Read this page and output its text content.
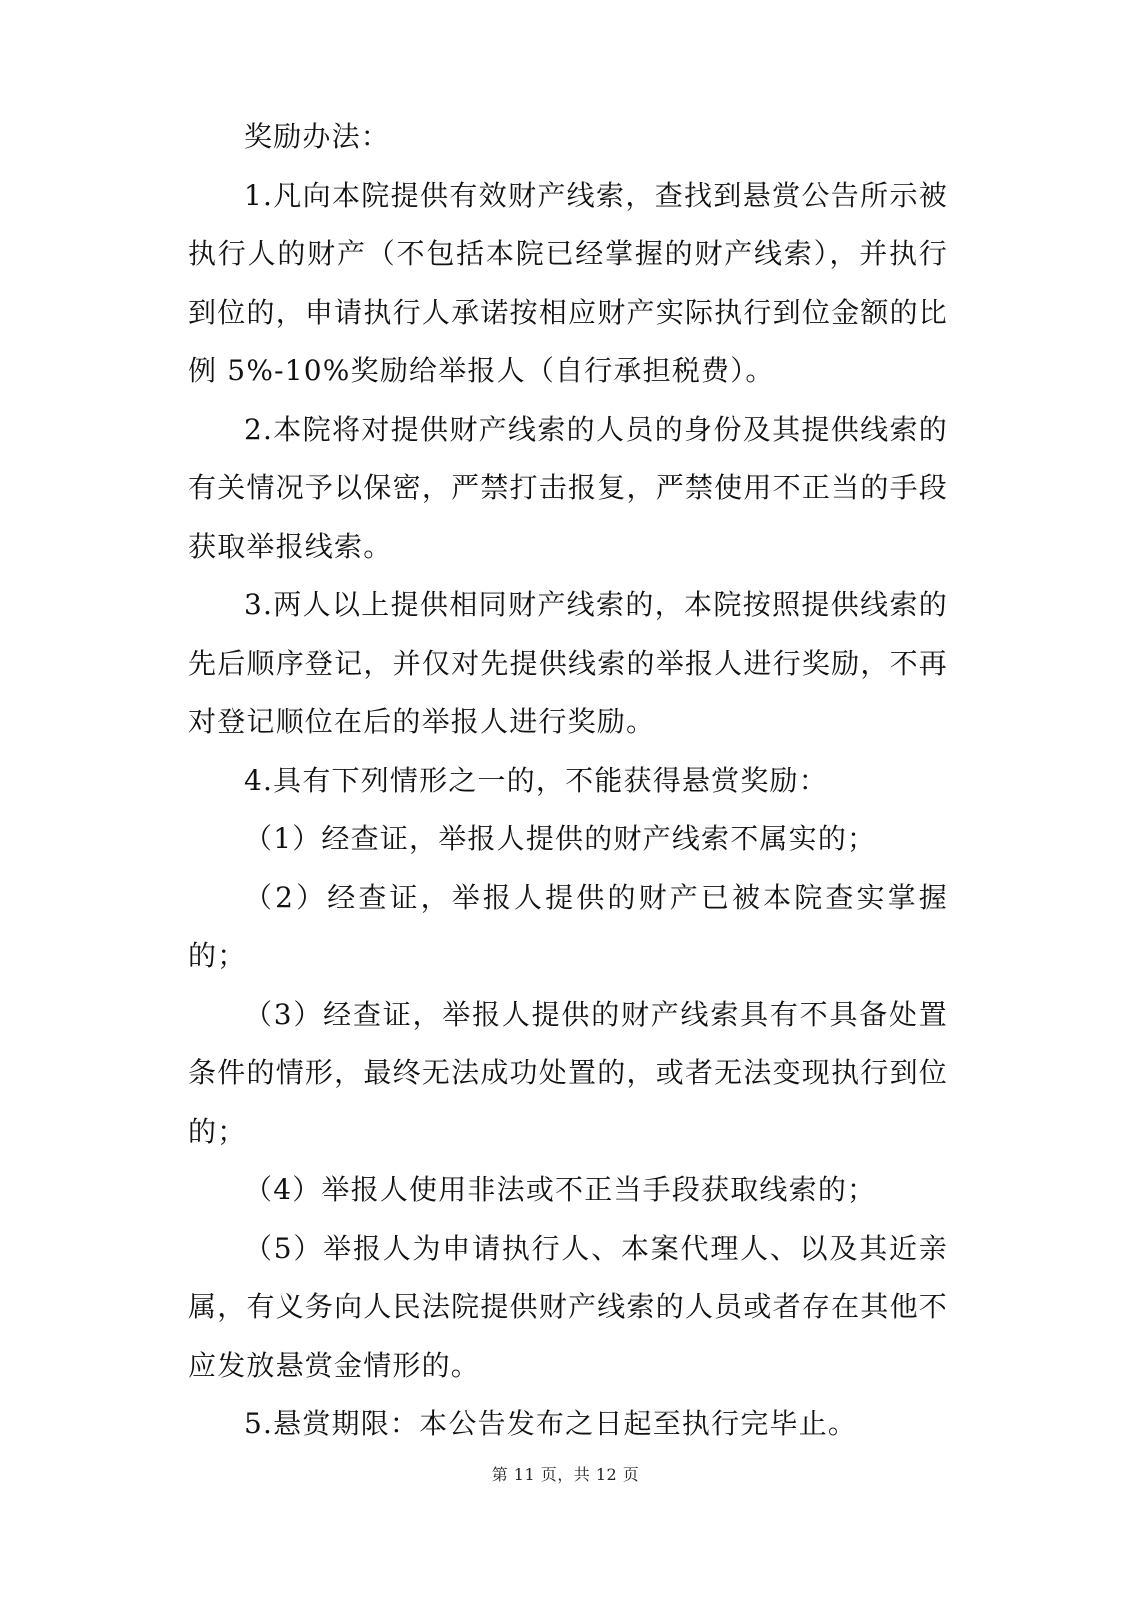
奖励办法：

1.凡向本院提供有效财产线索，查找到悬赏公告所示被执行人的财产（不包括本院已经掌握的财产线索），并执行到位的，申请执行人承诺按相应财产实际执行到位金额的比例 5%-10%奖励给举报人（自行承担税费）。

2.本院将对提供财产线索的人员的身份及其提供线索的有关情况予以保密，严禁打击报复，严禁使用不正当的手段获取举报线索。

3.两人以上提供相同财产线索的，本院按照提供线索的先后顺序登记，并仅对先提供线索的举报人进行奖励，不再对登记顺位在后的举报人进行奖励。

4.具有下列情形之一的，不能获得悬赏奖励：

（1）经查证，举报人提供的财产线索不属实的；

（2）经查证，举报人提供的财产已被本院查实掌握的；

（3）经查证，举报人提供的财产线索具有不具备处置条件的情形，最终无法成功处置的，或者无法变现执行到位的；

（4）举报人使用非法或不正当手段获取线索的；

（5）举报人为申请执行人、本案代理人、以及其近亲属，有义务向人民法院提供财产线索的人员或者存在其他不应发放悬赏金情形的。

5.悬赏期限：本公告发布之日起至执行完毕止。

第 11 页，共 12 页
